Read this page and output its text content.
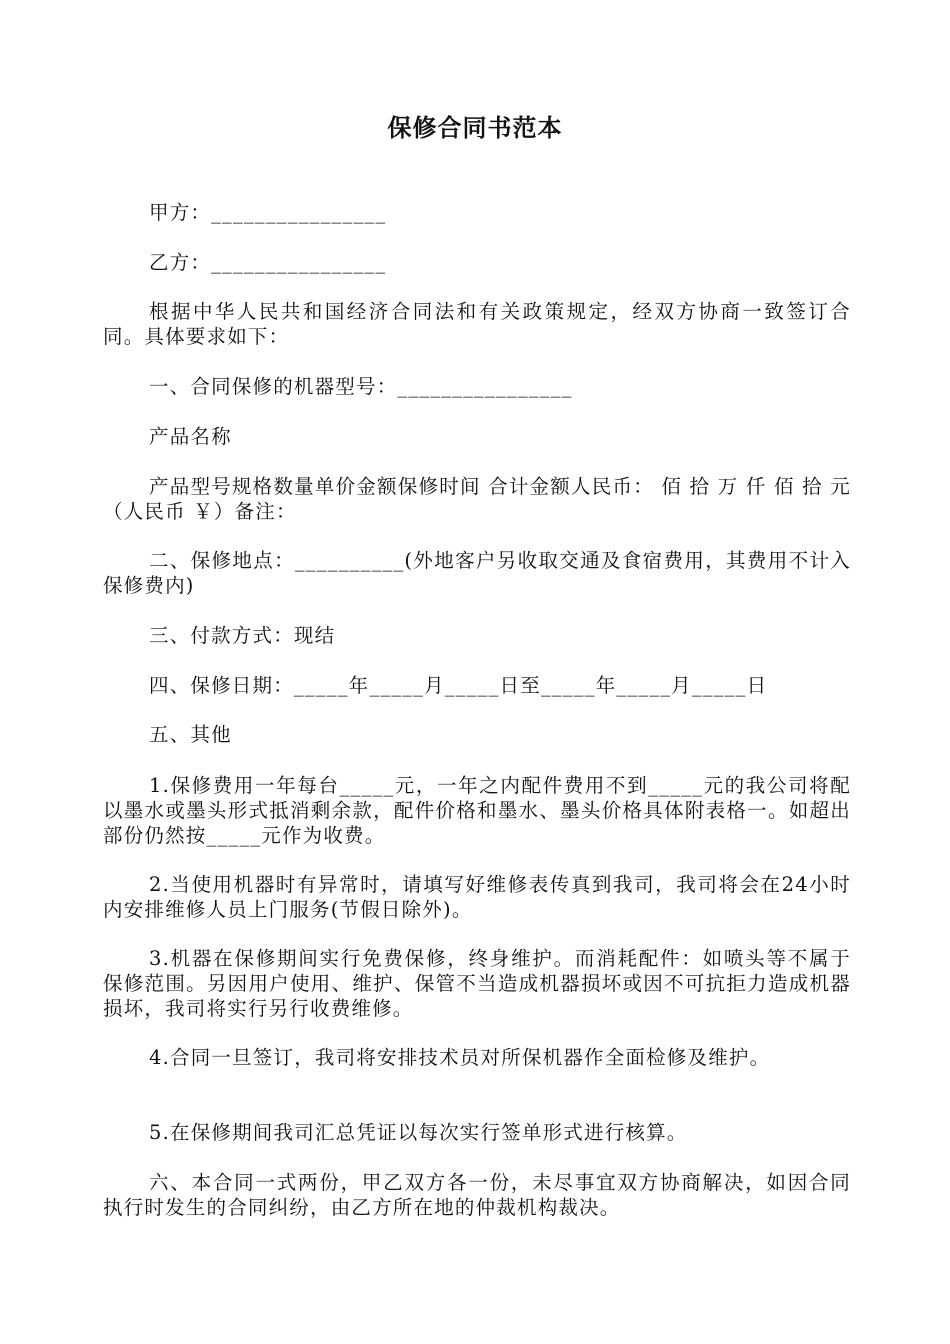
保修合同书范本

甲方：________________

乙方：________________

根据中华人民共和国经济合同法和有关政策规定，经双方协商一致签订合同。具体要求如下：

一、合同保修的机器型号：________________

产品名称

产品型号规格数量单价金额保修时间 合计金额人民币： 佰 拾 万 仟 佰 拾 元（人民币 ￥）备注：

二、保修地点：__________(外地客户另收取交通及食宿费用，其费用不计入保修费内)

三、付款方式：现结

四、保修日期：_____年_____月_____日至_____年_____月_____日

五、其他

1.保修费用一年每台_____元，一年之内配件费用不到_____元的我公司将配以墨水或墨头形式抵消剩余款，配件价格和墨水、墨头价格具体附表格一。如超出部份仍然按_____元作为收费。

2.当使用机器时有异常时，请填写好维修表传真到我司，我司将会在24小时内安排维修人员上门服务(节假日除外)。

3.机器在保修期间实行免费保修，终身维护。而消耗配件：如喷头等不属于保修范围。另因用户使用、维护、保管不当造成机器损坏或因不可抗拒力造成机器损坏，我司将实行另行收费维修。

4.合同一旦签订，我司将安排技术员对所保机器作全面检修及维护。

5.在保修期间我司汇总凭证以每次实行签单形式进行核算。

六、本合同一式两份，甲乙双方各一份，未尽事宜双方协商解决，如因合同执行时发生的合同纠纷，由乙方所在地的仲裁机构裁决。
